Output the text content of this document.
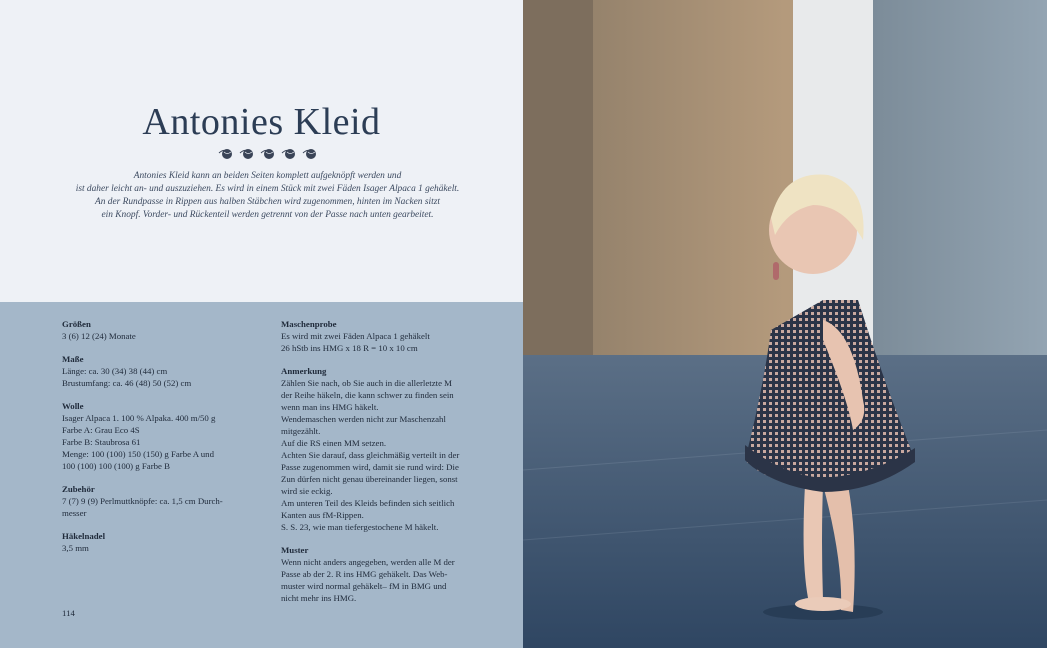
Antonies Kleid
Antonies Kleid kann an beiden Seiten komplett aufgeknöpft werden und
ist daher leicht an- und auszuziehen. Es wird in einem Stück mit zwei Fäden Isager Alpaca 1 gehäkelt.
An der Rundpasse in Rippen aus halben Stäbchen wird zugenommen, hinten im Nacken sitzt
ein Knopf. Vorder- und Rückenteil werden getrennt von der Passe nach unten gearbeitet.
Größen
3 (6) 12 (24) Monate
Maße
Länge: ca. 30 (34) 38 (44) cm
Brustumfang: ca. 46 (48) 50 (52) cm
Wolle
Isager Alpaca 1. 100 % Alpaka. 400 m/50 g
Farbe A: Grau Eco 4S
Farbe B: Staubrosa 61
Menge: 100 (100) 150 (150) g Farbe A und
100 (100) 100 (100) g Farbe B
Zubehör
7 (7) 9 (9) Perlmuttknöpfe: ca. 1,5 cm Durch-
messer
Häkelnadel
3,5 mm
Maschenprobe
Es wird mit zwei Fäden Alpaca 1 gehäkelt
26 hStb ins HMG x 18 R = 10 x 10 cm
Anmerkung
Zählen Sie nach, ob Sie auch in die allerletzte M
der Reihe häkeln, die kann schwer zu finden sein
wenn man ins HMG häkelt.
Wendemaschen werden nicht zur Maschenzahl
mitgezählt.
Auf die RS einen MM setzen.
Achten Sie darauf, dass gleichmäßig verteilt in der
Passe zugenommen wird, damit sie rund wird: Die
Zun dürfen nicht genau übereinander liegen, sonst
wird sie eckig.
Am unteren Teil des Kleids befinden sich seitlich
Kanten aus fM-Rippen.
S. S. 23, wie man tiefergestochene M häkelt.
Muster
Wenn nicht anders angegeben, werden alle M der
Passe ab der 2. R ins HMG gehäkelt. Das Web-
muster wird normal gehäkelt– fM in BMG und
nicht mehr ins HMG.
114
